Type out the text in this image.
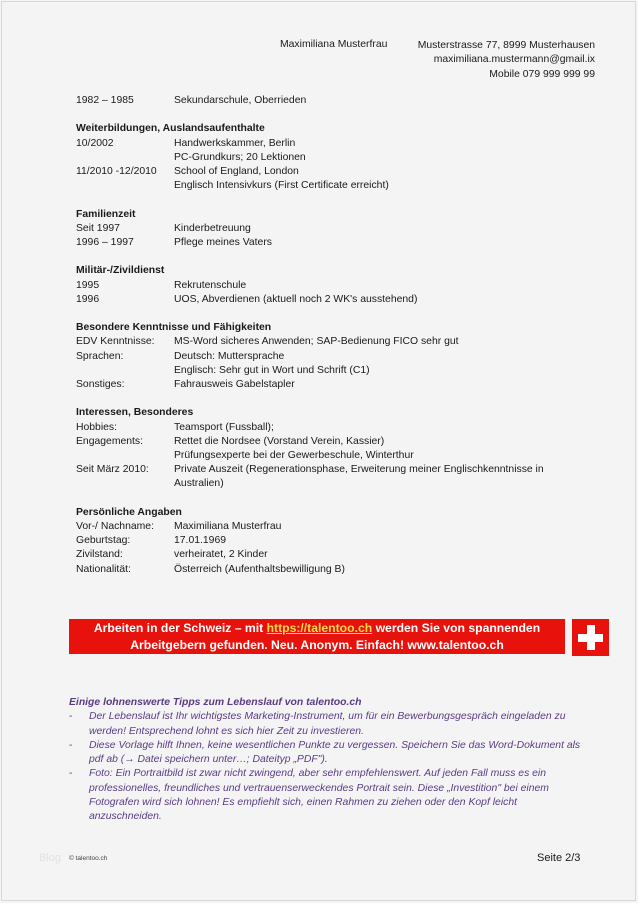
Maximiliana Musterfrau	Musterstrasse 77, 8999 Musterhausen
maximiliana.mustermann@gmail.ix
Mobile 079 999 999 99
1982 – 1985	Sekundarschule, Oberrieden
Weiterbildungen, Auslandsaufenthalte
10/2002	Handwerkskammer, Berlin
PC-Grundkurs; 20 Lektionen
11/2010 -12/2010	School of England, London
Englisch Intensivkurs (First Certificate erreicht)
Familienzeit
Seit 1997	Kinderbetreuung
1996 – 1997	Pflege meines Vaters
Militär-/Zivildienst
1995	Rekrutenschule
1996	UOS, Abverdienen (aktuell noch 2 WK's ausstehend)
Besondere Kenntnisse und Fähigkeiten
EDV Kenntnisse:	MS-Word sicheres Anwenden; SAP-Bedienung FICO sehr gut
Sprachen:	Deutsch: Muttersprache
Englisch: Sehr gut in Wort und Schrift (C1)
Sonstiges:	Fahrausweis Gabelstapler
Interessen, Besonderes
Hobbies:	Teamsport (Fussball);
Engagements:	Rettet die Nordsee (Vorstand Verein, Kassier)
Prüfungsexperte bei der Gewerbeschule, Winterthur
Seit März 2010:	Private Auszeit (Regenerationsphase, Erweiterung meiner Englischkenntnisse in Australien)
Persönliche Angaben
Vor-/ Nachname:	Maximiliana Musterfrau
Geburtstag:	17.01.1969
Zivilstand:	verheiratet, 2 Kinder
Nationalität:	Österreich (Aufenthaltsbewilligung B)
Arbeiten in der Schweiz – mit https://talentoo.ch werden Sie von spannenden
Arbeitgebern gefunden. Neu. Anonym. Einfach! www.talentoo.ch
Einige lohnenswerte Tipps zum Lebenslauf von talentoo.ch
-	Der Lebenslauf ist Ihr wichtigstes Marketing-Instrument, um für ein Bewerbungsgespräch eingeladen zu werden! Entsprechend lohnt es sich hier Zeit zu investieren.
-	Diese Vorlage hilft Ihnen, keine wesentlichen Punkte zu vergessen. Speichern Sie das Word-Dokument als pdf ab (→ Datei speichern unter…; Dateityp „PDF").
-	Foto: Ein Portraitbild ist zwar nicht zwingend, aber sehr empfehlenswert. Auf jeden Fall muss es ein professionelles, freundliches und vertrauenserweckendes Portrait sein. Diese „Investition" bei einem Fotografen wird sich lohnen! Es empfiehlt sich, einen Rahmen zu ziehen oder den Kopf leicht anzuschneiden.
Blog © talentoo.ch	Seite 2/3
